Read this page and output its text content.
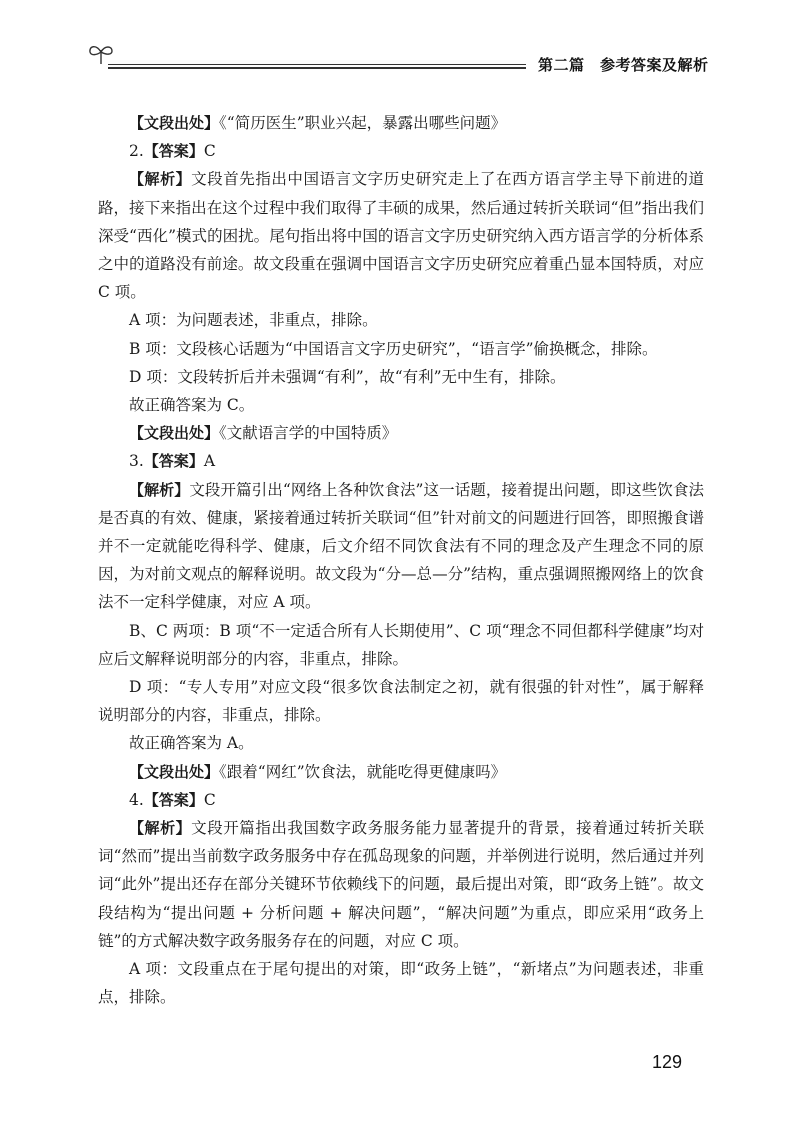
第二篇　参考答案及解析

【文段出处】《“简历医生”职业兴起，暴露出哪些问题》

2.【答案】C

【解析】文段首先指出中国语言文字历史研究走上了在西方语言学主导下前进的道路，接下来指出在这个过程中我们取得了丰硕的成果，然后通过转折关联词“但”指出我们深受“西化”模式的困扰。尾句指出将中国的语言文字历史研究纳入西方语言学的分析体系之中的道路没有前途。故文段重在强调中国语言文字历史研究应着重凸显本国特质，对应 C 项。

A 项：为问题表述，非重点，排除。

B 项：文段核心话题为“中国语言文字历史研究”，“语言学”偷换概念，排除。

D 项：文段转折后并未强调“有利”，故“有利”无中生有，排除。

故正确答案为 C。

【文段出处】《文献语言学的中国特质》

3.【答案】A

【解析】文段开篇引出“网络上各种饮食法”这一话题，接着提出问题，即这些饮食法是否真的有效、健康，紧接着通过转折关联词“但”针对前文的问题进行回答，即照搬食谱并不一定就能吃得科学、健康，后文介绍不同饮食法有不同的理念及产生理念不同的原因，为对前文观点的解释说明。故文段为“分—总—分”结构，重点强调照搬网络上的饮食法不一定科学健康，对应 A 项。

B、C 两项：B 项“不一定适合所有人长期使用”、C 项“理念不同但都科学健康”均对应后文解释说明部分的内容，非重点，排除。

D 项：“专人专用”对应文段“很多饮食法制定之初，就有很强的针对性”，属于解释说明部分的内容，非重点，排除。

故正确答案为 A。

【文段出处】《跟着“网红”饮食法，就能吃得更健康吗》

4.【答案】C

【解析】文段开篇指出我国数字政务服务能力显著提升的背景，接着通过转折关联词“然而”提出当前数字政务服务中存在孤岛现象的问题，并举例进行说明，然后通过并列词“此外”提出还存在部分关键环节依赖线下的问题，最后提出对策，即“政务上链”。故文段结构为“提出问题 + 分析问题 + 解决问题”，“解决问题”为重点，即应采用“政务上链”的方式解决数字政务服务存在的问题，对应 C 项。

A 项：文段重点在于尾句提出的对策，即“政务上链”，“新堵点”为问题表述，非重点，排除。

129
